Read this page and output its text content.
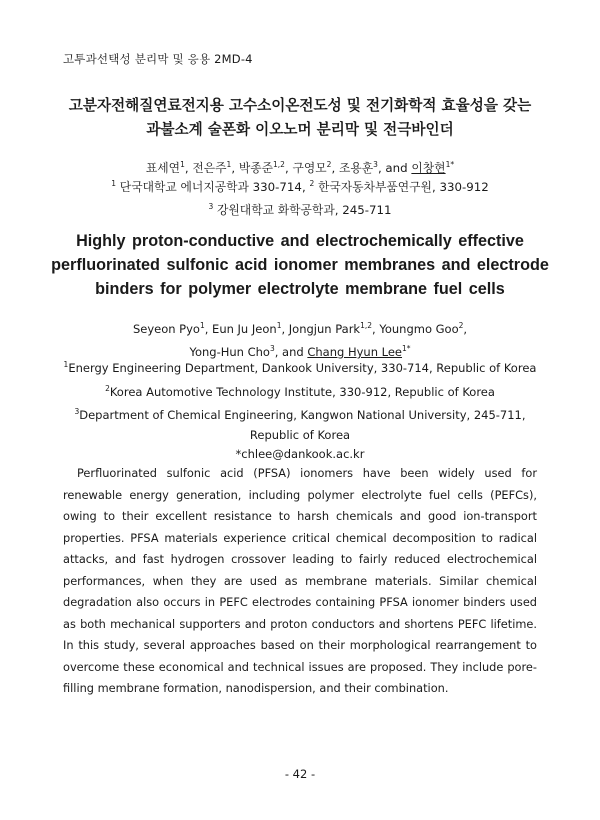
고투과선택성 분리막 및 응용 2MD-4
고분자전해질연료전지용 고수소이온전도성 및 전기화학적 효율성을 갖는
과불소계 술폰화 이오노머 분리막 및 전극바인더
표세연$^1$, 전은주$^1$, 박종준$^{1,2}$, 구영모$^2$, 조용훈$^3$, and 이창현$^{1*}$
$^1$ 단국대학교 에너지공학과 330-714, $^2$ 한국자동차부품연구원, 330-912
$^3$ 강원대학교 화학공학과, 245-711
Highly proton-conductive and electrochemically effective
perfluorinated sulfonic acid ionomer membranes and electrode
binders for polymer electrolyte membrane fuel cells
Seyeon Pyo$^1$, Eun Ju Jeon$^1$, Jongjun Park$^{1,2}$, Youngmo Goo$^2$,
Yong-Hun Cho$^3$, and Chang Hyun Lee$^{1*}$
$^1$Energy Engineering Department, Dankook University, 330-714, Republic of Korea
$^2$Korea Automotive Technology Institute, 330-912, Republic of Korea
$^3$Department of Chemical Engineering, Kangwon National University, 245-711,
Republic of Korea
*chlee@dankook.ac.kr

Perfluorinated sulfonic acid (PFSA) ionomers have been widely used for renewable energy generation, including polymer electrolyte fuel cells (PEFCs), owing to their excellent resistance to harsh chemicals and good ion-transport properties. PFSA materials experience critical chemical decomposition to radical attacks, and fast hydrogen crossover leading to fairly reduced electrochemical performances, when they are used as membrane materials. Similar chemical degradation also occurs in PEFC electrodes containing PFSA ionomer binders used as both mechanical supporters and proton conductors and shortens PEFC lifetime. In this study, several approaches based on their morphological rearrangement to overcome these economical and technical issues are proposed. They include pore-filling membrane formation, nanodispersion, and their combination.

- 42 -
